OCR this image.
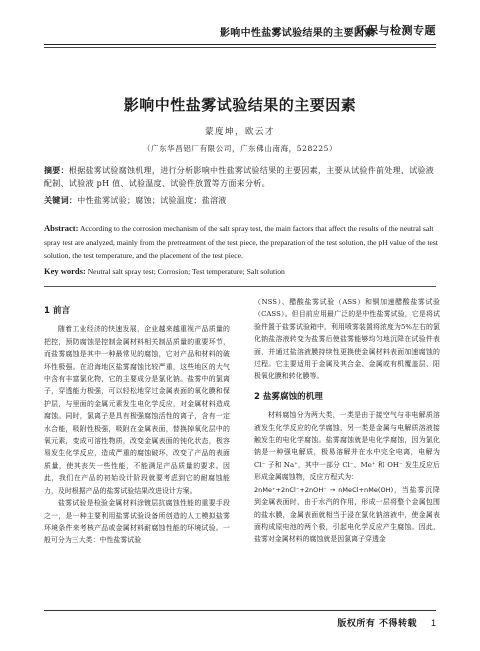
影响中性盐雾试验结果的主要因素
环保与检测专题
影响中性盐雾试验结果的主要因素
蒙度坤，欧云才
（广东华昌铝厂有限公司，广东佛山南海，528225）
摘要：根据盐雾试验腐蚀机理，进行分析影响中性盐雾试验结果的主要因素，主要从试验件前处理、试验液配制、试验液 pH 值、试验温度、试验件放置等方面来分析。
关键词：中性盐雾试验；腐蚀；试验温度；盐溶液
Abstract: According to the corrosion mechanism of the salt spray test, the main factors that affect the results of the neutral salt spray test are analyzed, mainly from the pretreatment of the test piece, the preparation of the test solution, the pH value of the test solution, the test temperature, and the placement of the test piece.
Key words: Neutral salt spray test; Corrosion; Test temperature; Salt solution
1 前言

随着工业经济的快速发展，企业越来越重视产品质量的把控，预防腐蚀是控制金属材料相关制品质量的重要环节，而盐雾腐蚀是其中一种最常见的腐蚀，它对产品和材料的破坏性极强。在沿海地区盐雾腐蚀比较严重，这些地区的大气中含有丰富氯化物，它的主要成分是氯化钠。盐雾中的氯离子，穿透能力极强，可以轻松地穿过金属表面的氧化膜和保护层，与里面的金属元素发生电化学反应，对金属材料造成腐蚀。同时，氯离子是具有极强腐蚀活性的离子，含有一定水合能，吸附性极强，吸附在金属表面，替换掉氧化层中的氧元素，变成可溶性物质，改变金属表面的钝化状态，极容易发生化学反应，造成严重的腐蚀破坏，改变了产品的表面质量，使其丧失一些性能，不能满足产品质量的要求。因此，我们在产品的初始设计阶段就要考虑到它的耐腐蚀能力，及时根据产品的盐雾试验结果改进设计方案。

盐雾试验是检验金属材料涂镀层抗腐蚀性能的重要手段之一，是一种主要利用盐雾试验设备所创造的人工模拟盐雾环境条件来考核产品或金属材料耐腐蚀性能的环境试验。一般可分为三大类：中性盐雾试验

（NSS）、醋酸盐雾试验（ASS）和铜加速醋酸盐雾试验（CASS）。但目前应用最广泛的是中性盐雾试验，它是将试验件置于盐雾试验箱中，利用喷雾装置将浓度为5%左右的氯化钠盐溶液转变为盐雾后使盐雾能够均匀地沉降在试验件表面，并通过盐溶液膜持续性更换使金属材料表面加速腐蚀的过程。它主要适用于金属及其合金、金属或有机覆盖层、阳极氧化膜和转化膜等。

2 盐雾腐蚀的机理

材料腐蚀分为两大类，一类是由于接空气与非电解质溶液发生化学反应的化学腐蚀，另一类是金属与电解质溶液接触发生的电化学腐蚀。盐雾腐蚀就是电化学腐蚀，因为氯化钠是一种强电解质，极易溶解并在水中完全电离，电解为 Cl⁻ 子和 Na⁺，其中一部分 Cl⁻、Me⁺ 和 OH⁻ 发生反应后形成金属腐蚀物，反应方程式为：

2nMe⁺+2nCl⁻+2nOH⁻ → nMeCl+nMe(OH)，当盐雾沉降到金属表面时，由于水汽的作用，形成一层将整个金属包围的盐水膜，金属表面就相当于浸在氯化钠溶液中，使金属表面构成原电池的两个极，引起电化学反应产生腐蚀。因此，盐雾对金属材料的腐蚀就是因氯离子穿透金

版权所有 不得转载 1
